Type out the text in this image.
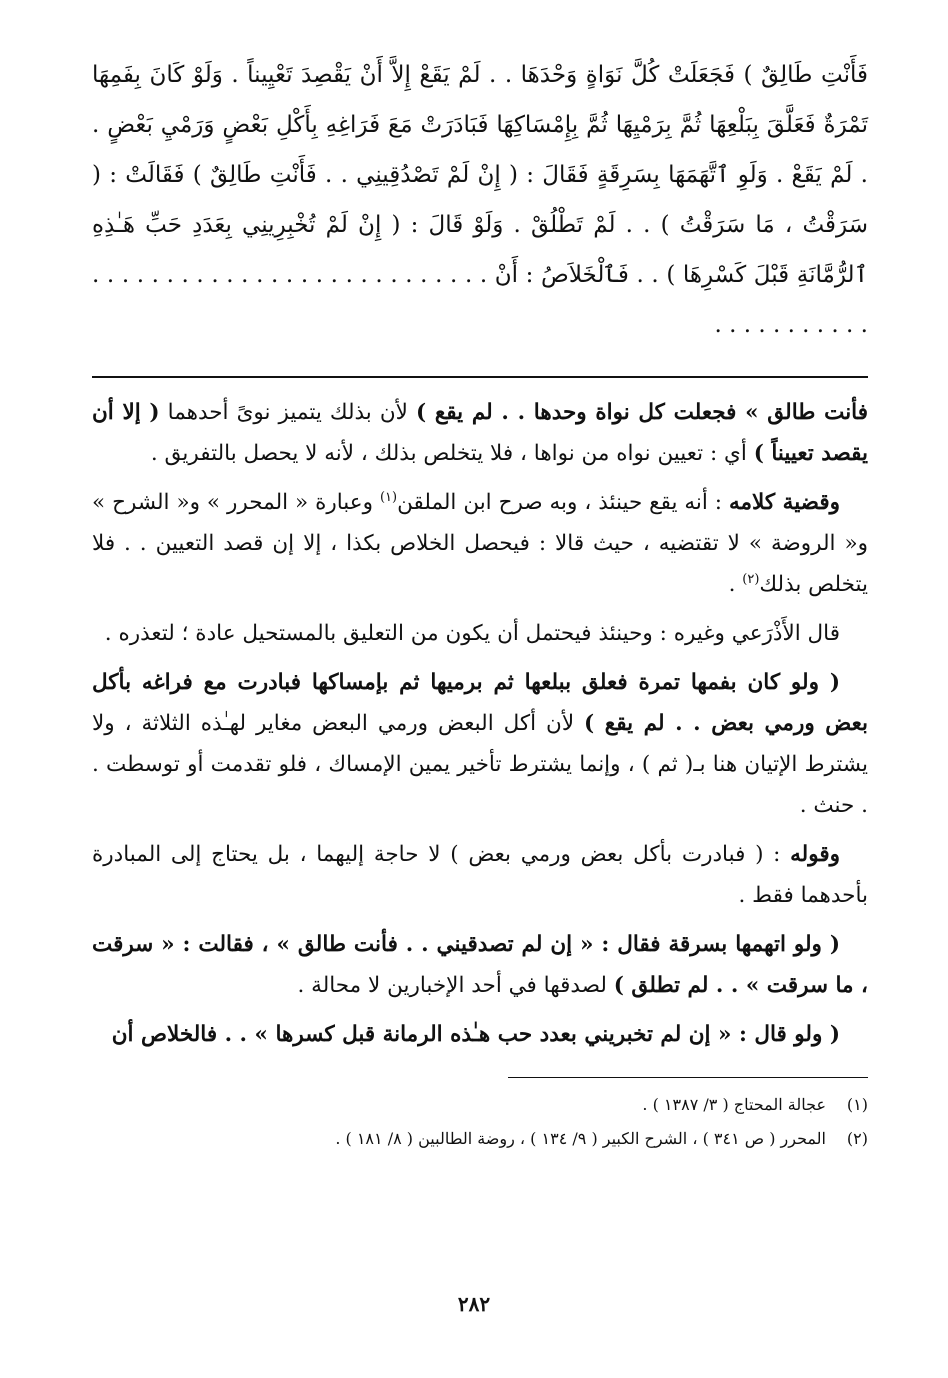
فَأَنْتِ طَالِقٌ ) فَجَعَلَتْ كُلَّ نَوَاةٍ وَحْدَهَا . . لَمْ يَقَعْ إِلاَّ أَنْ يَقْصِدَ تَعْيِيناً . وَلَوْ كَانَ بِفَمِهَا تَمْرَةٌ فَعَلَّقَ بِبَلْعِهَا ثُمَّ بِرَمْيِهَا ثُمَّ بِإِمْسَاكِهَا فَبَادَرَتْ مَعَ فَرَاغِهِ بِأَكْلِ بَعْضٍ وَرَمْيِ بَعْضٍ . . لَمْ يَقَعْ . وَلَوِ ٱتَّهَمَهَا بِسَرِقَةٍ فَقَالَ : ( إِنْ لَمْ تَصْدُقِينِي . . فَأَنْتِ طَالِقٌ ) فَقَالَتْ : ( سَرَقْتُ ، مَا سَرَقْتُ ) . . لَمْ تَطْلُقْ . وَلَوْ قَالَ : ( إِنْ لَمْ تُخْبِرِينِي بِعَدَدِ حَبِّ هَـٰذِهِ ٱلرُّمَّانَةِ قَبْلَ كَسْرِهَا ) . . فَٱلْخَلاَصُ : أَنْ . . . . . . . . . . . . . . . . . . . . . . . . . . . . . . . . . . . . . .

فأنت طالق » فجعلت كل نواة وحدها . . لم يقع ) لأن بذلك يتميز نوىً أحدهما ( إلا أن يقصد تعييناً ) أي : تعيين نواه من نواها ، فلا يتخلص بذلك ، لأنه لا يحصل بالتفريق .

وقضية كلامه : أنه يقع حينئذ ، وبه صرح ابن الملقن$^{(١)}$ وعبارة « المحرر » و« الشرح » و« الروضة » لا تقتضيه ، حيث قالا : فيحصل الخلاص بكذا ، إلا إن قصد التعيين . . فلا يتخلص بذلك$^{(٢)}$ .

قال الأَذْرَعي وغيره : وحينئذ فيحتمل أن يكون من التعليق بالمستحيل عادة ؛ لتعذره .

( ولو كان بفمها تمرة فعلق ببلعها ثم برميها ثم بإمساكها فبادرت مع فراغه بأكل بعض ورمي بعض . . لم يقع ) لأن أكل البعض ورمي البعض مغاير لهـٰذه الثلاثة ، ولا يشترط الإتيان هنا بـ( ثم ) ، وإنما يشترط تأخير يمين الإمساك ، فلو تقدمت أو توسطت . . حنث .

وقوله : ( فبادرت بأكل بعض ورمي بعض ) لا حاجة إليهما ، بل يحتاج إلى المبادرة بأحدهما فقط .

( ولو اتهمها بسرقة فقال : « إن لم تصدقيني . . فأنت طالق » ، فقالت : « سرقت ، ما سرقت » . . لم تطلق ) لصدقها في أحد الإخبارين لا محالة .

( ولو قال : « إن لم تخبريني بعدد حب هـٰذه الرمانة قبل كسرها » . . فالخلاص أن

(١)عجالة المحتاج ( ٣/ ١٣٨٧ ) .

(٢)المحرر ( ص ٣٤١ ) ، الشرح الكبير ( ٩/ ١٣٤ ) ، روضة الطالبين ( ٨/ ١٨١ ) .

٢٨٢
